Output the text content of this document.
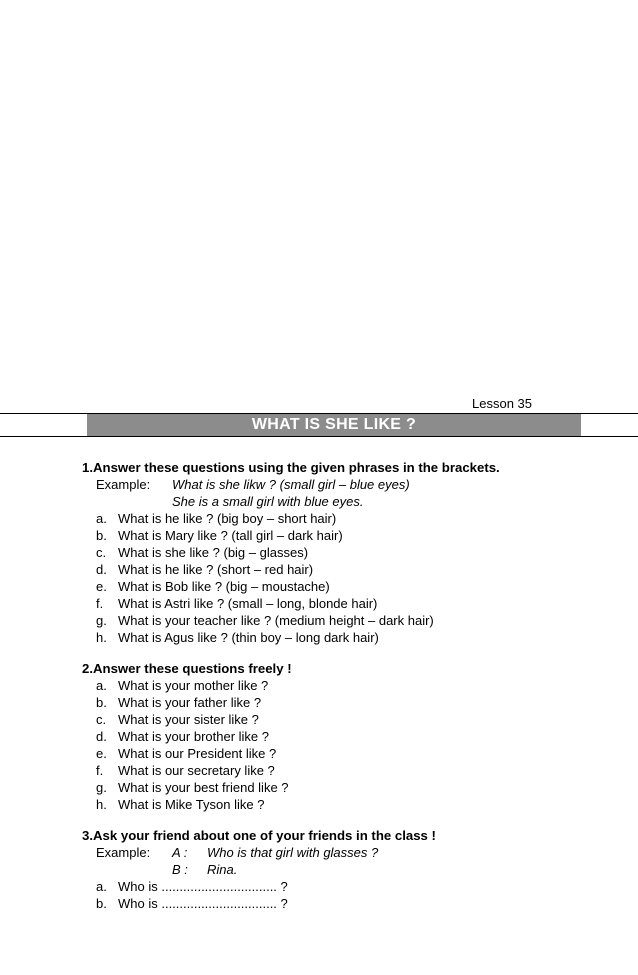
Lesson 35
WHAT IS SHE LIKE ?

1.Answer these questions using the given phrases in the brackets.

Example: What is she likw ? (small girl – blue eyes)
She is a small girl with blue eyes.
a. What is he like ? (big boy – short hair)
b. What is Mary like ? (tall girl – dark hair)
c. What is she like ? (big – glasses)
d. What is he like ? (short – red hair)
e. What is Bob like ? (big – moustache)
f. What is Astri like ? (small – long, blonde hair)
g. What is your teacher like ? (medium height – dark hair)
h. What is Agus like ? (thin boy – long dark hair)

2.Answer these questions freely !

a. What is your mother like ?
b. What is your father like ?
c. What is your sister like ?
d. What is your brother like ?
e. What is our President like ?
f. What is our secretary like ?
g. What is your best friend like ?
h. What is Mike Tyson like ?

3.Ask your friend about one of your friends in the class !

Example: A : Who is that girl with glasses ?
B : Rina.
a. Who is ................................ ?
b. Who is ................................ ?
